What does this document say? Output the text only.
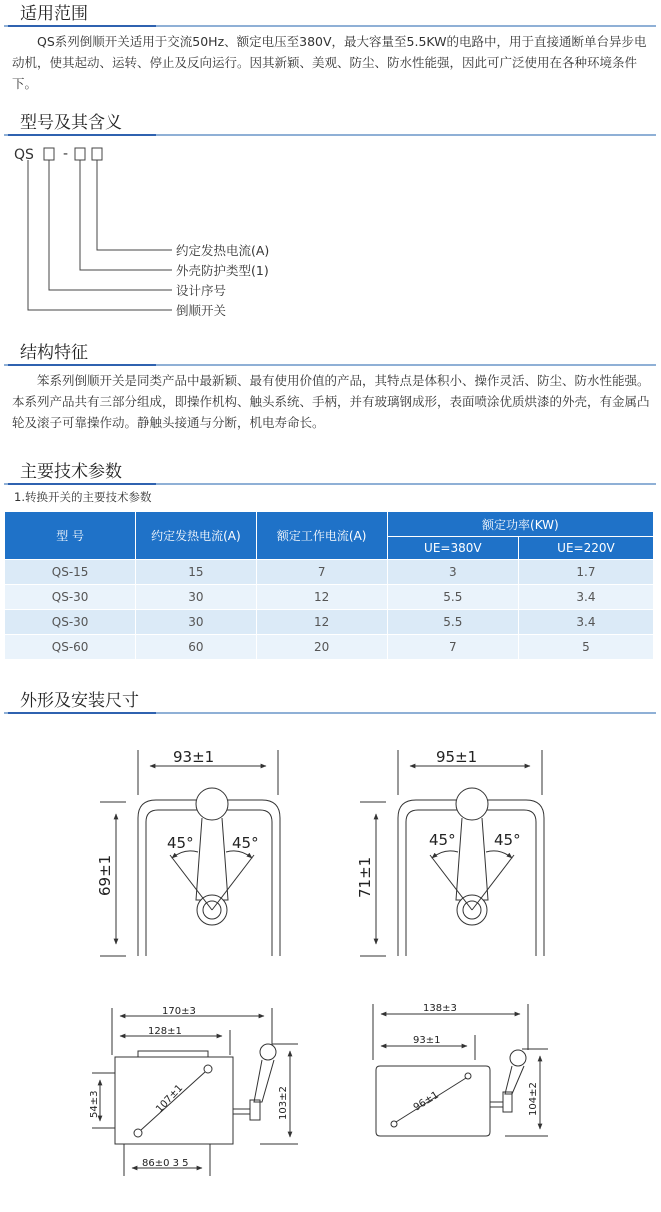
适用范围
QS系列倒顺开关适用于交流50Hz、额定电压至380V，最大容量至5.5KW的电路中，用于直接通断单台异步电动机，使其起动、运转、停止及反向运行。因其新颖、美观、防尘、防水性能强，因此可广泛使用在各种环境条件下。
型号及其含义
QS -
约定发热电流(A)
外壳防护类型(1)
设计序号
倒顺开关
结构特征
笨系列倒顺开关是同类产品中最新颖、最有使用价值的产品，其特点是体积小、操作灵活、防尘、防水性能强。本系列产品共有三部分组成，即操作机构、触头系统、手柄，并有玻璃钢成形，表面喷涂优质烘漆的外壳，有金属凸轮及滚子可靠操作动。静触头接通与分断，机电寿命长。
主要技术参数
1.转换开关的主要技术参数
型 号	约定发热电流(A)	额定工作电流(A)	额定功率(KW)	
			UE=380V	UE=220V
QS-15	15	7	3	1.7
QS-30	30	12	5.5	3.4
QS-30	30	12	5.5	3.4
QS-60	60	20	7	5
外形及安装尺寸
93±1
69±1
45°	45°
95±1
71±1
45°	45°
170±3
128±1
107±1
54±3	103±2
86±0 3 5
138±3
93±1
96±1	104±2
